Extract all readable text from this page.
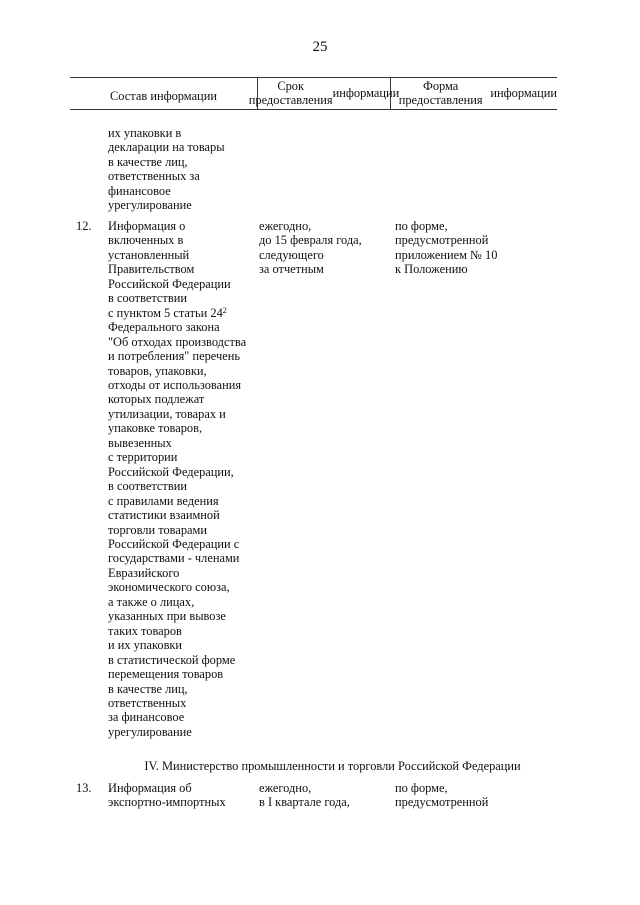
25
Состав информации
Срок предоставления информации	Форма предоставления информации
их упаковки в
декларации на товары
в качестве лиц,
ответственных за
финансовое
урегулирование
12. Информация о
включенных в
установленный
Правительством
Российской Федерации
в соответствии
с пунктом 5 статьи $24^2$
Федерального закона
"Об отходах производства
и потребления" перечень
товаров, упаковки,
отходы от использования
которых подлежат
утилизации, товарах и
упаковке товаров,
вывезенных
с территории
Российской Федерации,
в соответствии
с правилами ведения
статистики взаимной
торговли товарами
Российской Федерации с
государствами - членами
Евразийского
экономического союза,
а также о лицах,
указанных при вывозе
таких товаров
и их упаковки
в статистической форме
перемещения товаров
в качестве лиц,
ответственных
за финансовое
урегулирование
ежегодно,
до 15 февраля года,
следующего
за отчетным
по форме,
предусмотренной
приложением № 10
к Положению
IV. Министерство промышленности и торговли Российской Федерации
13. Информация об
экспортно-импортных
ежегодно,
в I квартале года,
по форме,
предусмотренной
